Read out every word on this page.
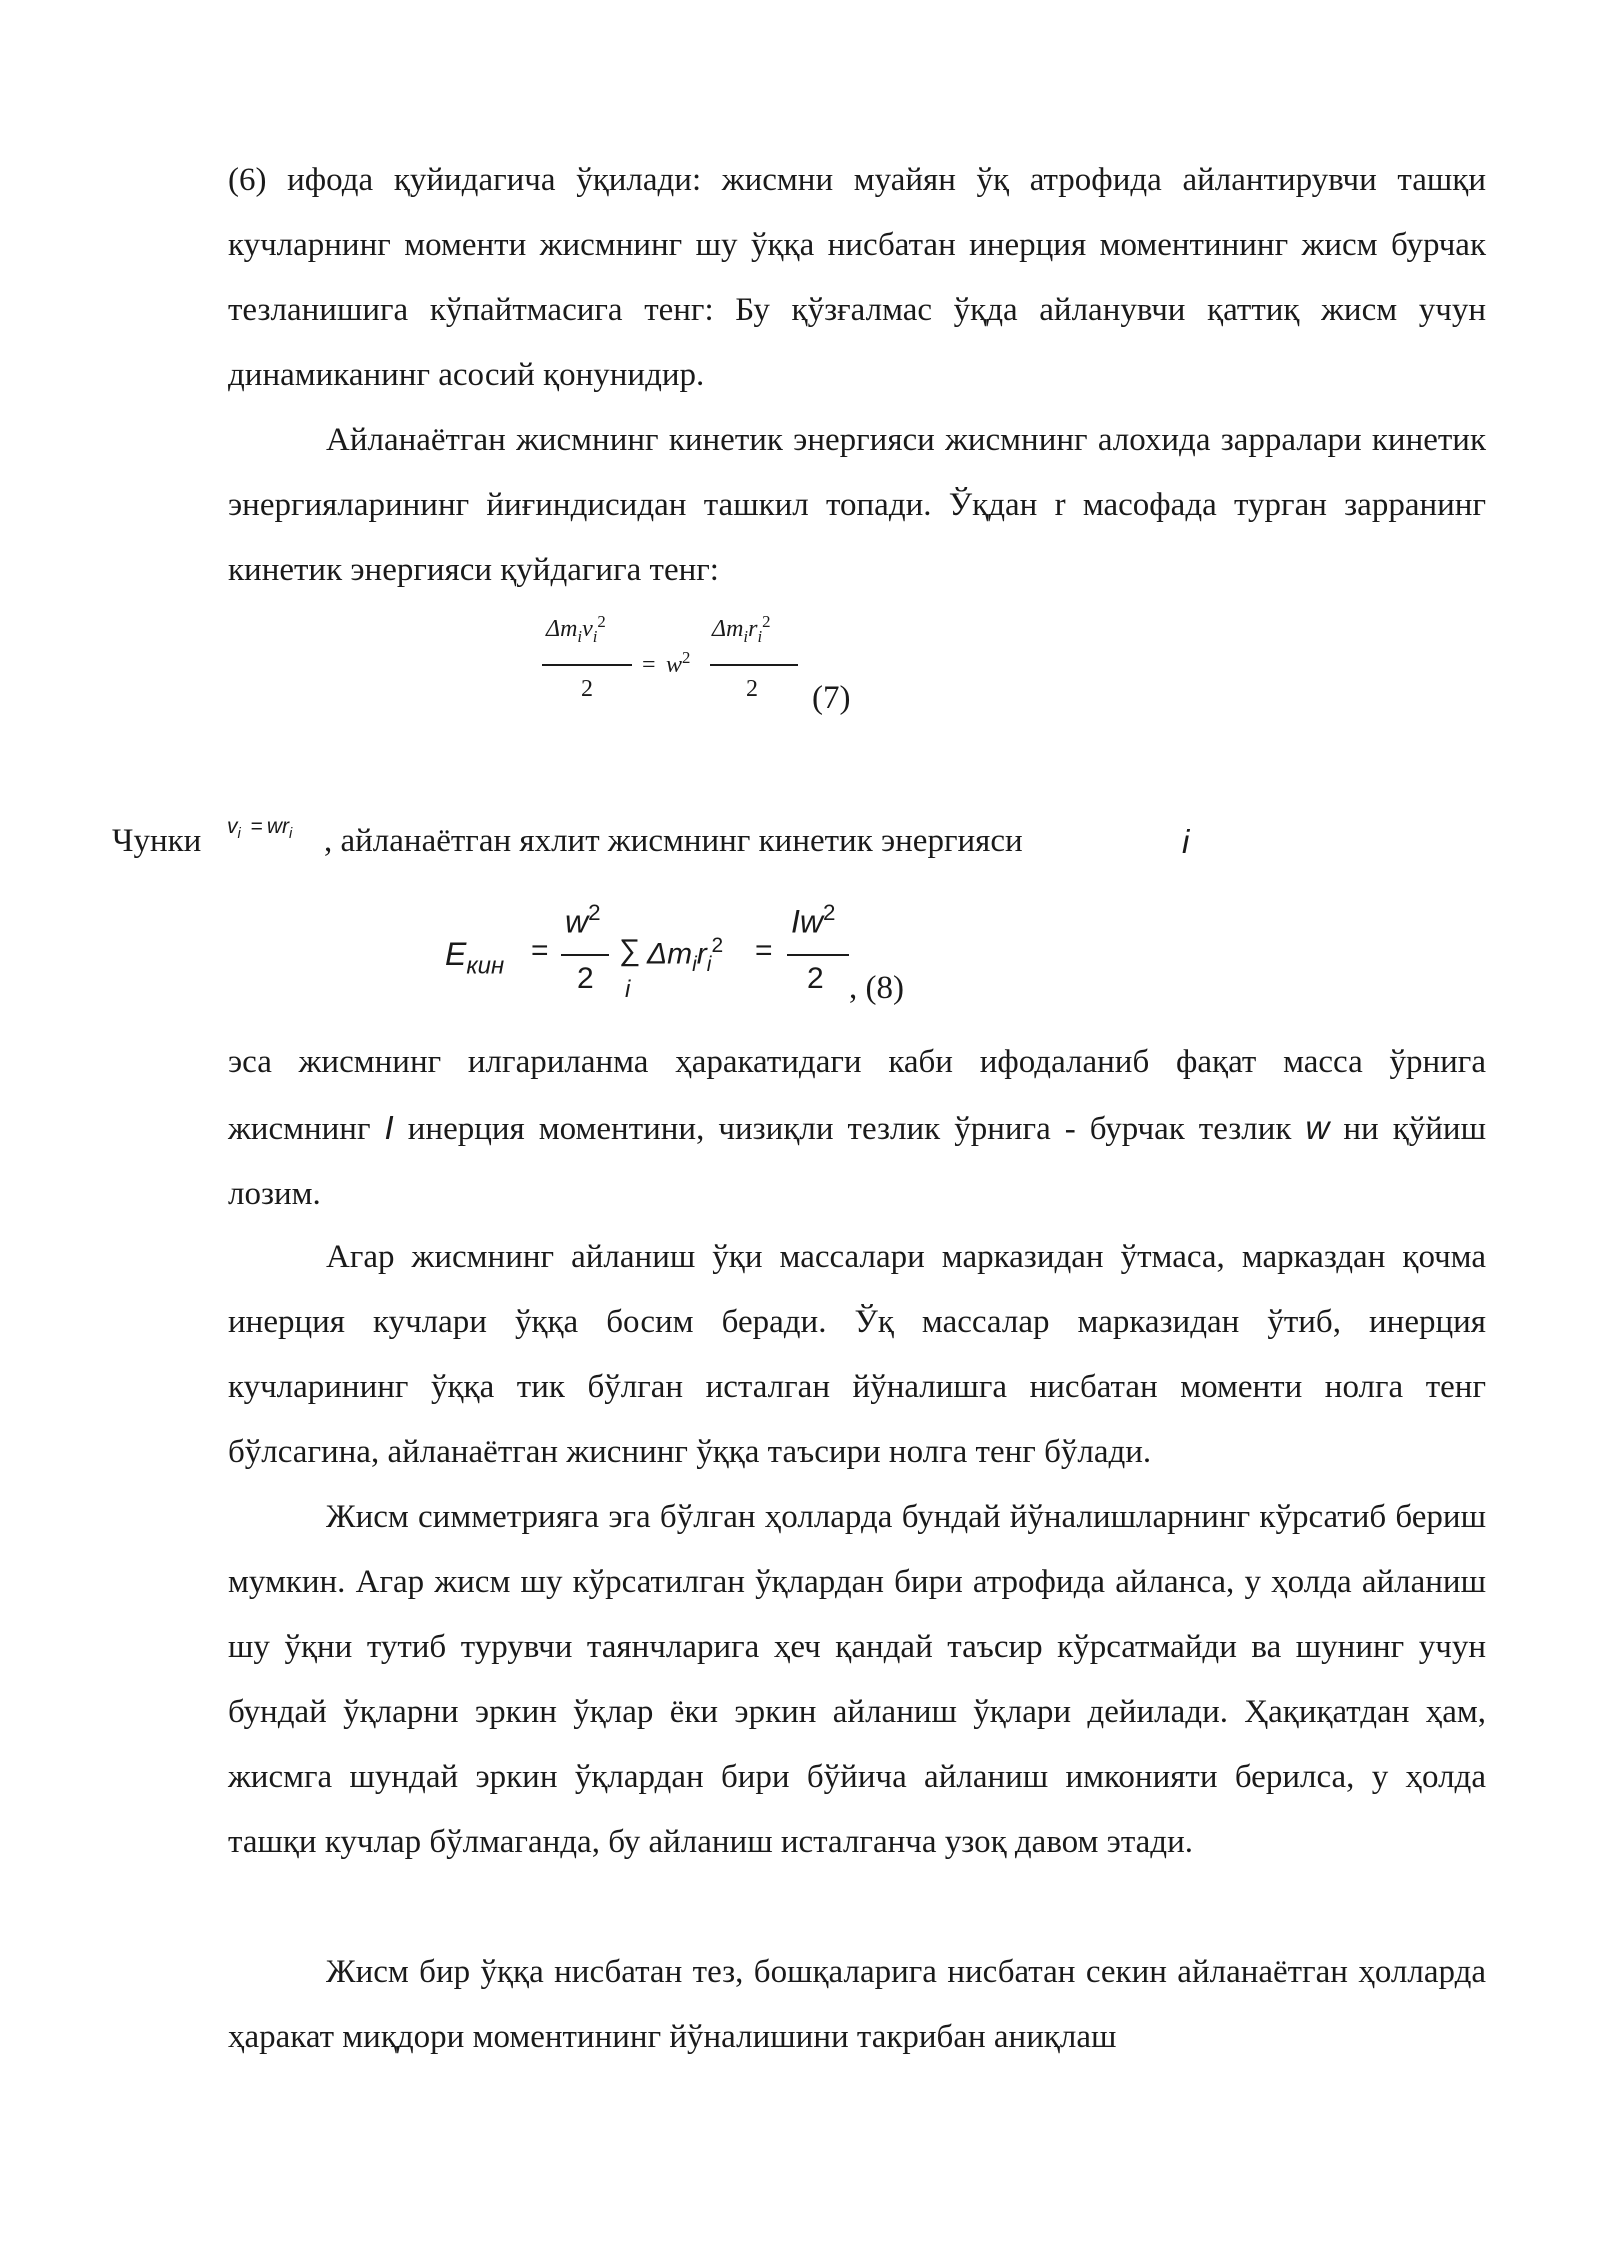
(6) ифода қуйидагича ўқилади: жисмни муайян ўқ атрофида айлантирувчи ташқи кучларнинг моменти жисмнинг шу ўққа нисбатан инерция моментининг жисм бурчак тезланишига кўпайтмасига тенг: Бу қўзғалмас ўқда айланувчи қаттиқ жисм учун динамиканинг асосий қонунидир.

Айланаётган жисмнинг кинетик энергияси жисмнинг алохида зарралари кинетик энергияларининг йиғиндисидан ташкил топади. Ўқдан r масофада турган зарранинг кинетик энергияси қуйдагига тенг:

$\Delta m_iv_i^2$
2
= $w^2$
$\Delta m_ir_i^2$
2 (7)
Чунки $v_i = wr_i$ , айланаётган яхлит жисмнинг кинетик энергияси	i
$E_{кин}$ =
$w^2$
2
∑
i
$\Delta m_ir_i^2$ =
$Iw^2$
2 , (8)

эса жисмнинг илгариланма ҳаракатидаги каби ифодаланиб фақат масса ўрнига жисмнинг I инерция моментини, чизиқли тезлик ўрнига - бурчак тезлик w ни қўйиш лозим.

Агар жисмнинг айланиш ўқи массалари марказидан ўтмаса, марказдан қочма инерция кучлари ўққа босим беради. Ўқ массалар марказидан ўтиб, инерция кучларининг ўққа тик бўлган исталган йўналишга нисбатан моменти нолга тенг бўлсагина, айланаётган жиснинг ўққа таъсири нолга тенг бўлади.

Жисм симметрияга эга бўлган ҳолларда бундай йўналишларнинг кўрсатиб бериш мумкин. Агар жисм шу кўрсатилган ўқлардан бири атрофида айланса, у ҳолда айланиш шу ўқни тутиб турувчи таянчларига ҳеч қандай таъсир кўрсатмайди ва шунинг учун бундай ўқларни эркин ўқлар ёки эркин айланиш ўқлари дейилади. Ҳақиқатдан ҳам, жисмга шундай эркин ўқлардан бири бўйича айланиш имконияти берилса, у ҳолда ташқи кучлар бўлмаганда, бу айланиш исталганча узоқ давом этади.

Жисм бир ўққа нисбатан тез, бошқаларига нисбатан секин айланаётган ҳолларда ҳаракат миқдори моментининг йўналишини такрибан аниқлаш
